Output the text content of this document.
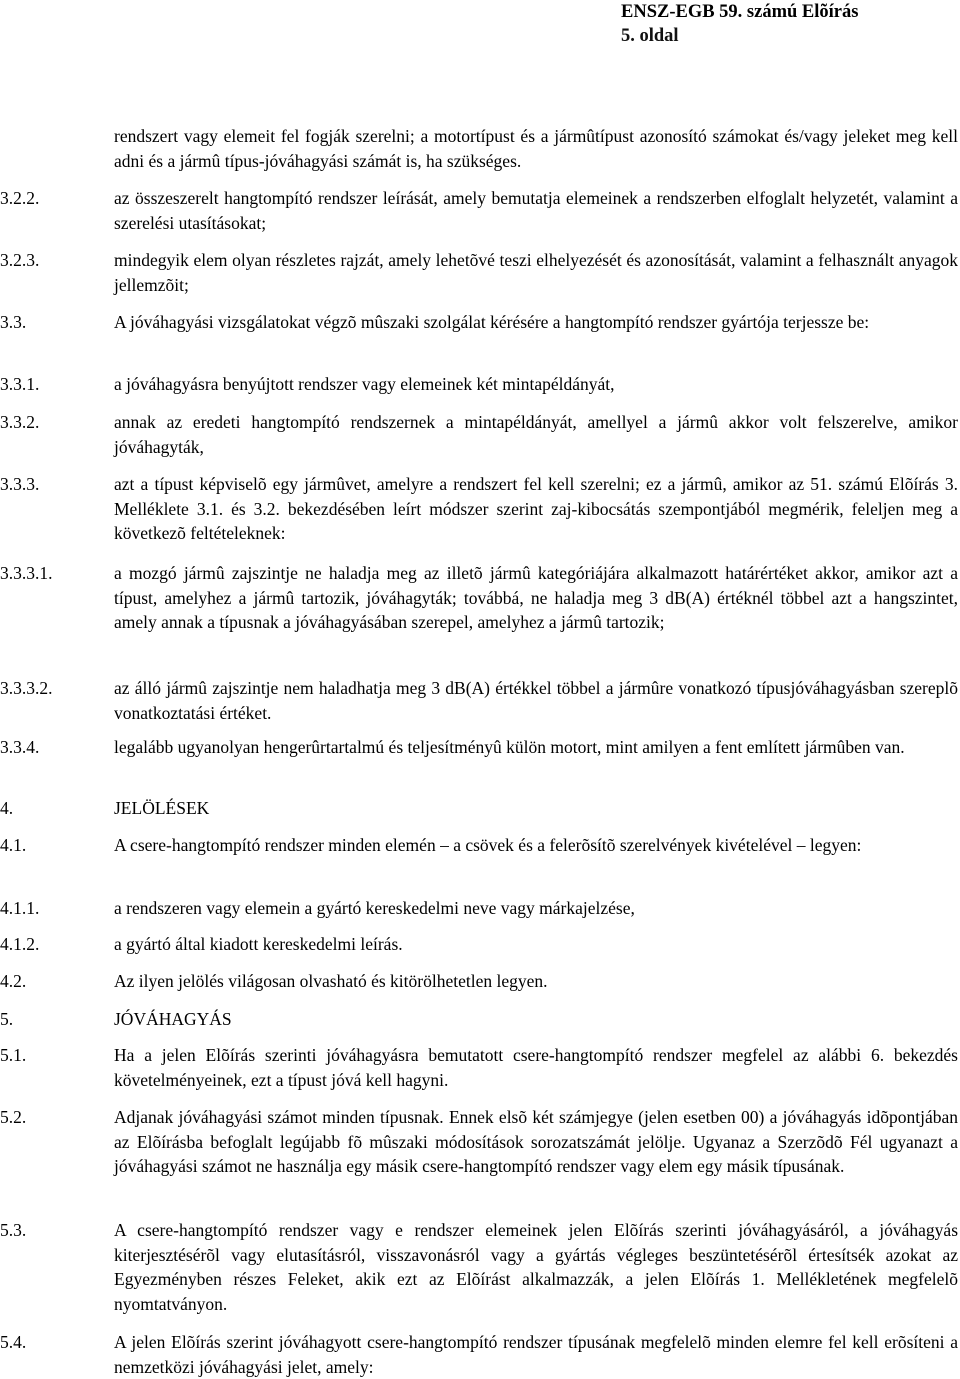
ENSZ-EGB 59. számú Elõírás
5. oldal
rendszert vagy elemeit fel fogják szerelni; a motortípust és a jármûtípust azonosító számokat és/vagy jeleket meg kell adni és a jármû típus-jóváhagyási számát is, ha szükséges.
3.2.2.	az összeszerelt hangtompító rendszer leírását, amely bemutatja elemeinek a rendszerben elfoglalt helyzetét, valamint a szerelési utasításokat;
3.2.3.	mindegyik elem olyan részletes rajzát, amely lehetõvé teszi elhelyezését és azonosítását, valamint a felhasznált anyagok jellemzõit;
3.3.	A jóváhagyási vizsgálatokat végzõ mûszaki szolgálat kérésére a hangtompító rendszer gyártója terjessze be:
3.3.1.	a jóváhagyásra benyújtott rendszer vagy elemeinek két mintapéldányát,
3.3.2.	annak az eredeti hangtompító rendszernek a mintapéldányát, amellyel a jármû akkor volt felszerelve, amikor jóváhagyták,
3.3.3.	azt a típust képviselõ egy jármûvet, amelyre a rendszert fel kell szerelni; ez a jármû, amikor az 51. számú Elõírás 3. Melléklete 3.1. és 3.2. bekezdésében leírt módszer szerint zaj-kibocsátás szempontjából megmérik, feleljen meg a következõ feltételeknek:
3.3.3.1.	a mozgó jármû zajszintje ne haladja meg az illetõ jármû kategóriájára alkalmazott határértéket akkor, amikor azt a típust, amelyhez a jármû tartozik, jóváhagyták; továbbá, ne haladja meg 3 dB(A) értéknél többel azt a hangszintet, amely annak a típusnak a jóváhagyásában szerepel, amelyhez a jármû tartozik;
3.3.3.2.	az álló jármû zajszintje nem haladhatja meg 3 dB(A) értékkel többel a jármûre vonatkozó típusjóváhagyásban szereplõ vonatkoztatási értéket.
3.3.4.	legalább ugyanolyan hengerûrtartalmú és teljesítményû külön motort, mint amilyen a fent említett jármûben van.
4.	JELÖLÉSEK
4.1.	A csere-hangtompító rendszer minden elemén – a csövek és a felerõsítõ szerelvények kivételével – legyen:
4.1.1.	a rendszeren vagy elemein a gyártó kereskedelmi neve vagy márkajelzése,
4.1.2.	a gyártó által kiadott kereskedelmi leírás.
4.2.	Az ilyen jelölés világosan olvasható és kitörölhetetlen legyen.
5.	JÓVÁHAGYÁS
5.1.	Ha a jelen Elõírás szerinti jóváhagyásra bemutatott csere-hangtompító rendszer megfelel az alábbi 6. bekezdés követelményeinek, ezt a típust jóvá kell hagyni.
5.2.	Adjanak jóváhagyási számot minden típusnak. Ennek elsõ két számjegye (jelen esetben 00) a jóváhagyás idõpontjában az Elõírásba befoglalt legújabb fõ mûszaki módosítások sorozatszámát jelölje. Ugyanaz a Szerzõdõ Fél ugyanazt a jóváhagyási számot ne használja egy másik csere-hangtompító rendszer vagy elem egy másik típusának.
5.3.	A csere-hangtompító rendszer vagy e rendszer elemeinek jelen Elõírás szerinti jóváhagyásáról, a jóváhagyás kiterjesztésérõl vagy elutasításról, visszavonásról vagy a gyártás végleges beszüntetésérõl értesítsék azokat az Egyezményben részes Feleket, akik ezt az Elõírást alkalmazzák, a jelen Elõírás 1. Mellékletének megfelelõ nyomtatványon.
5.4.	A jelen Elõírás szerint jóváhagyott csere-hangtompító rendszer típusának megfelelõ minden elemre fel kell erõsíteni a nemzetközi jóváhagyási jelet, amely:
